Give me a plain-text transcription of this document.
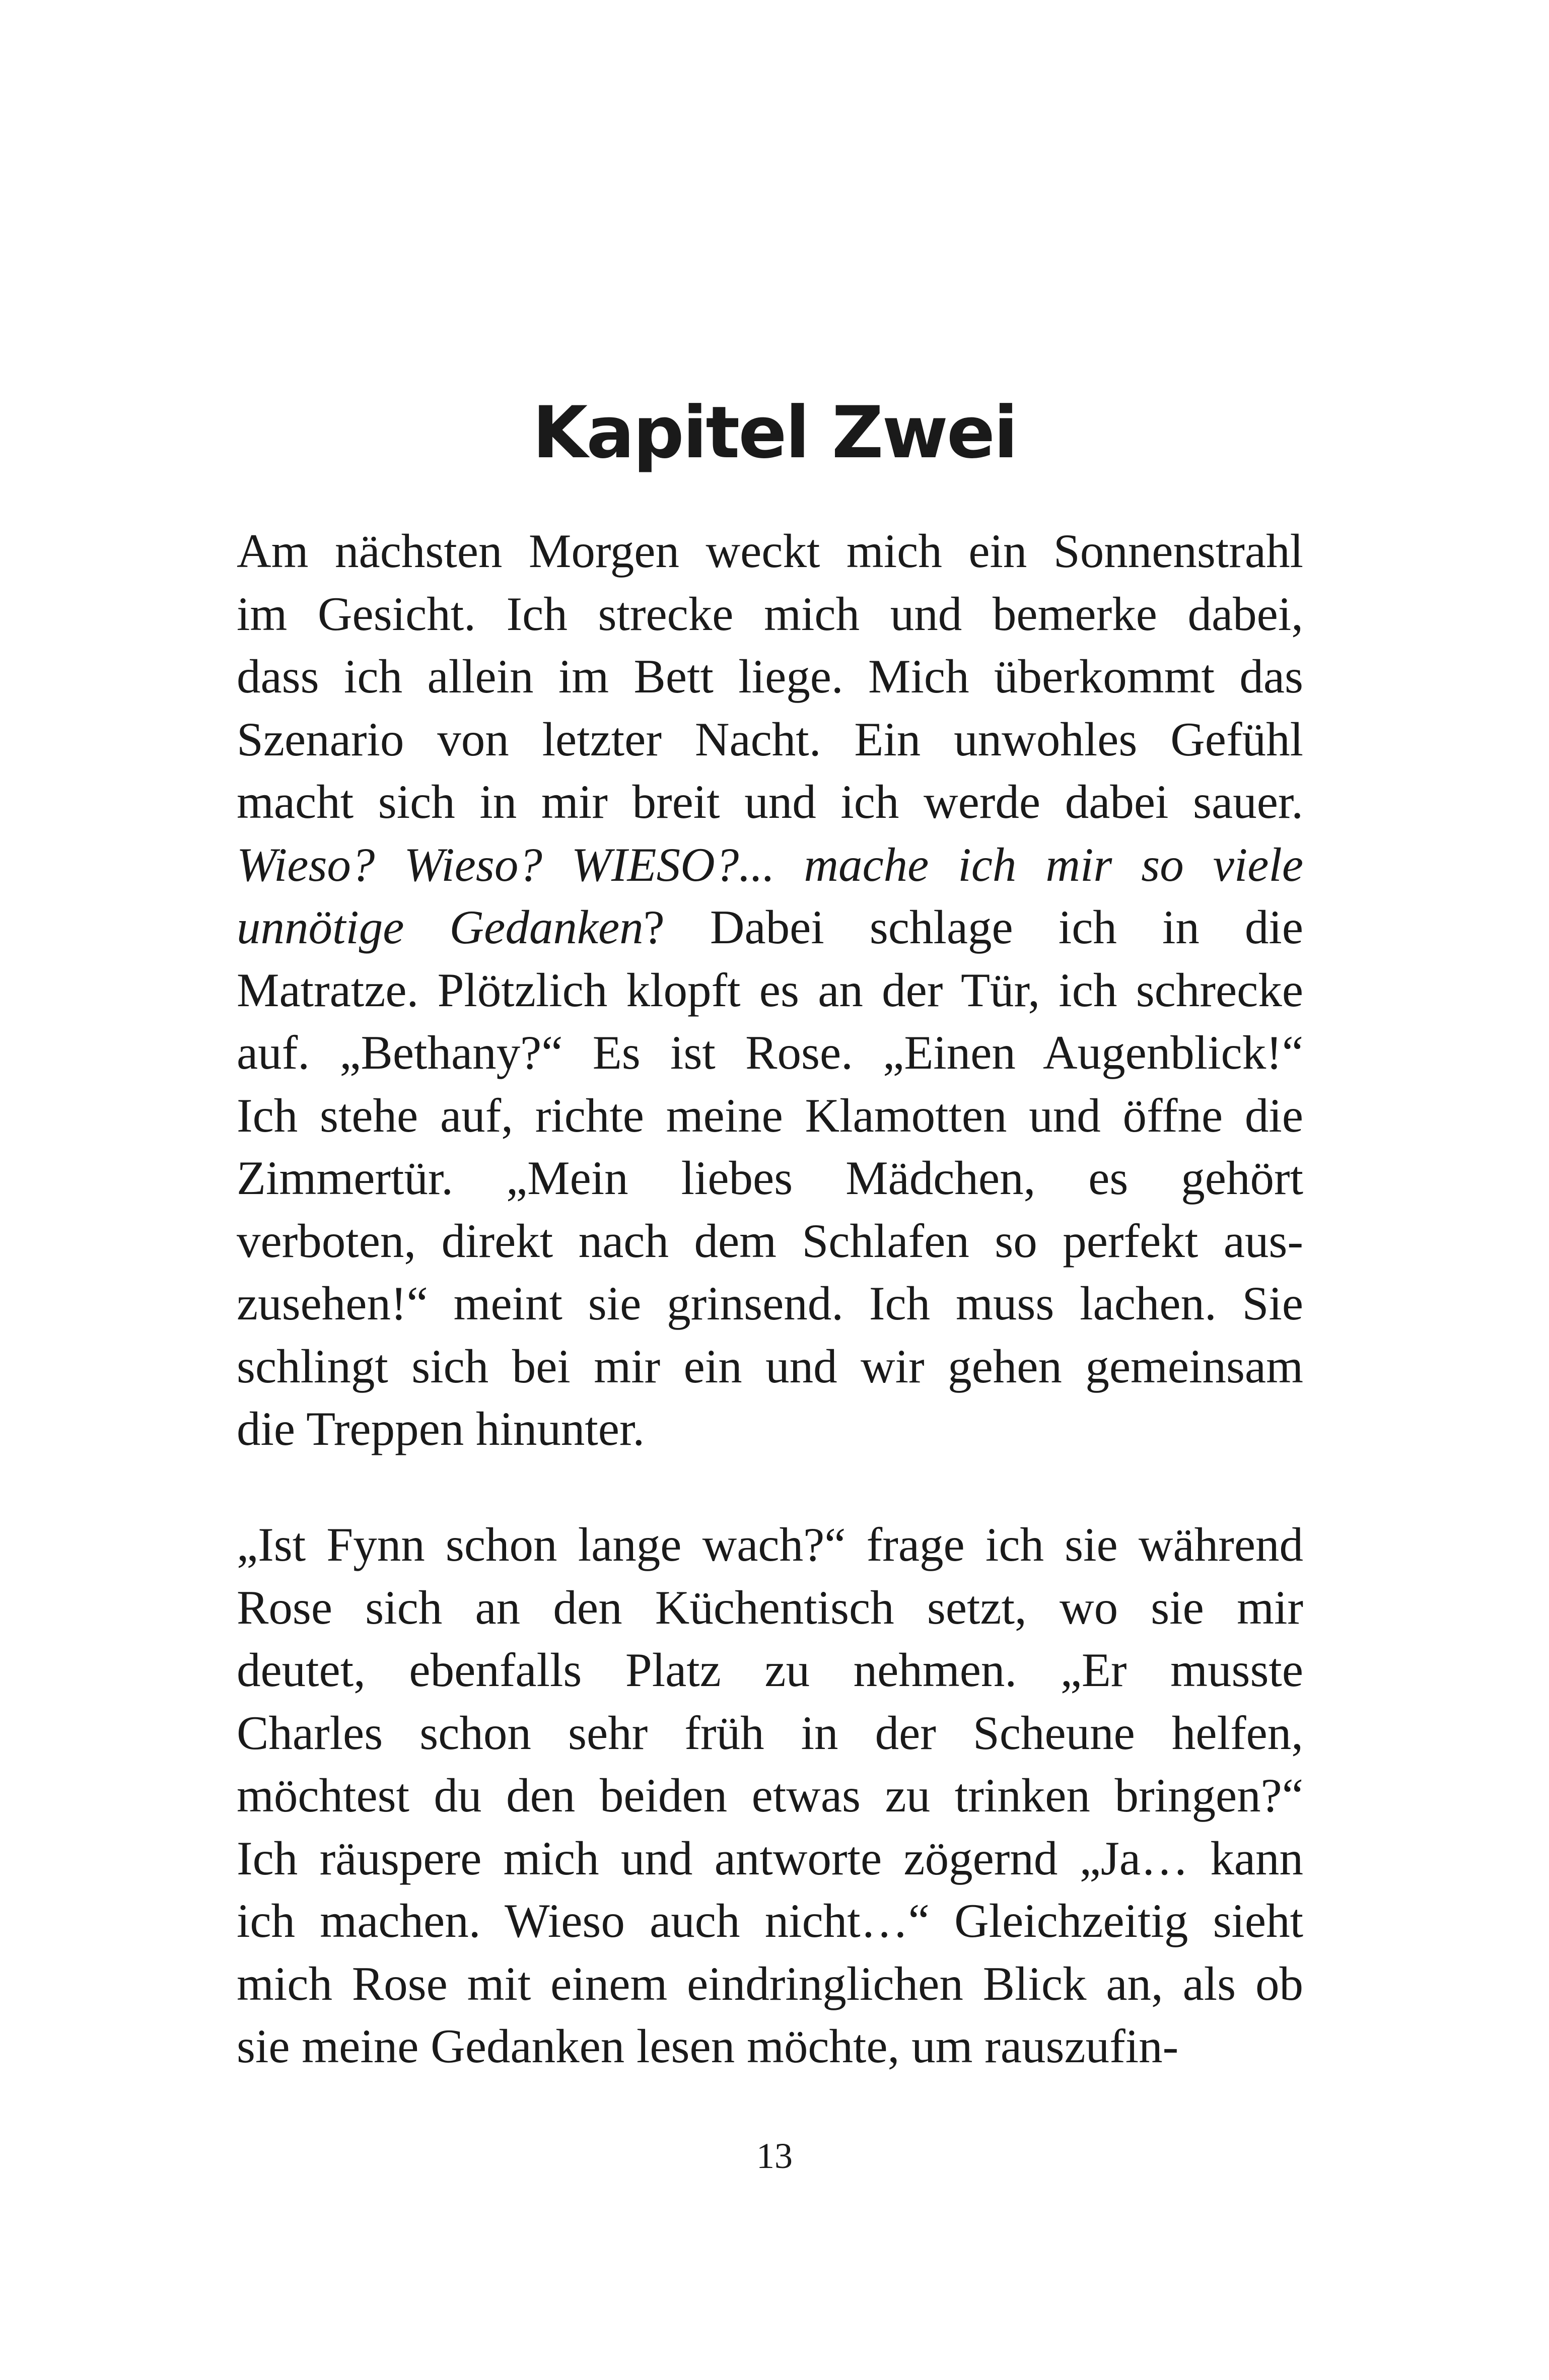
Kapitel Zwei
Am nächsten Morgen weckt mich ein Sonnenstrahl
im Gesicht. Ich strecke mich und bemerke dabei,
dass ich allein im Bett liege. Mich überkommt das
Szenario von letzter Nacht. Ein unwohles Gefühl
macht sich in mir breit und ich werde dabei sauer.
Wieso? Wieso? WIESO?... mache ich mir so viele
unnötige Gedanken? Dabei schlage ich in die
Matratze. Plötzlich klopft es an der Tür, ich schrecke
auf. „Bethany?“ Es ist Rose. „Einen Augenblick!“
Ich stehe auf, richte meine Klamotten und öffne die
Zimmertür. „Mein liebes Mädchen, es gehört
verboten, direkt nach dem Schlafen so perfekt aus-
zusehen!“ meint sie grinsend. Ich muss lachen. Sie
schlingt sich bei mir ein und wir gehen gemeinsam
die Treppen hinunter.
„Ist Fynn schon lange wach?“ frage ich sie während
Rose sich an den Küchentisch setzt, wo sie mir
deutet, ebenfalls Platz zu nehmen. „Er musste
Charles schon sehr früh in der Scheune helfen,
möchtest du den beiden etwas zu trinken bringen?“
Ich räuspere mich und antworte zögernd „Ja… kann
ich machen. Wieso auch nicht…“ Gleichzeitig sieht
mich Rose mit einem eindringlichen Blick an, als ob
sie meine Gedanken lesen möchte, um rauszufin-
13
